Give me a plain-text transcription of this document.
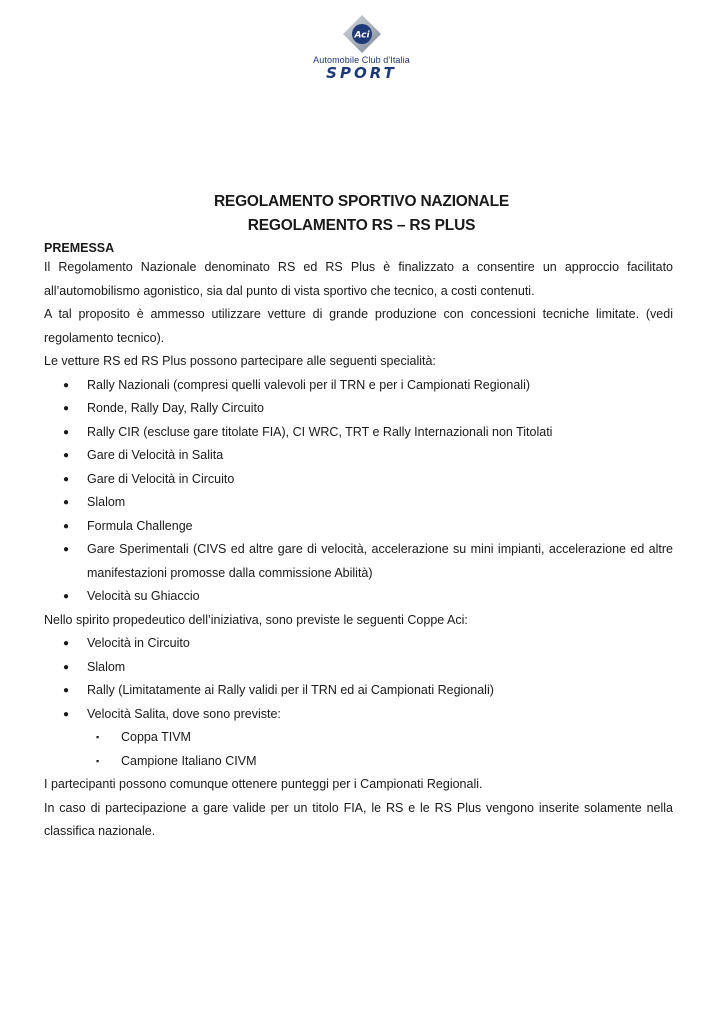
Aci
Automobile Club d'Italia
SPORT
REGOLAMENTO SPORTIVO NAZIONALE
REGOLAMENTO RS – RS PLUS
PREMESSA

Il Regolamento Nazionale denominato RS ed RS Plus è finalizzato a consentire un approccio facilitato all’automobilismo agonistico, sia dal punto di vista sportivo che tecnico, a costi contenuti.

A tal proposito è ammesso utilizzare vetture di grande produzione con concessioni tecniche limitate. (vedi regolamento tecnico).

Le vetture RS ed RS Plus possono partecipare alle seguenti specialità:

● Rally Nazionali (compresi quelli valevoli per il TRN e per i Campionati Regionali)
● Ronde, Rally Day, Rally Circuito
● Rally CIR (escluse gare titolate FIA), CI WRC, TRT e Rally Internazionali non Titolati
● Gare di Velocità in Salita
● Gare di Velocità in Circuito
● Slalom
● Formula Challenge
● Gare Sperimentali (CIVS ed altre gare di velocità, accelerazione su mini impianti, accelerazione ed altre manifestazioni promosse dalla commissione Abilità)
● Velocità su Ghiaccio

Nello spirito propedeutico dell’iniziativa, sono previste le seguenti Coppe Aci:

● Velocità in Circuito
● Slalom
● Rally (Limitatamente ai Rally validi per il TRN ed ai Campionati Regionali)
● Velocità Salita, dove sono previste:
▪ Coppa TIVM
▪ Campione Italiano CIVM

I partecipanti possono comunque ottenere punteggi per i Campionati Regionali.

In caso di partecipazione a gare valide per un titolo FIA, le RS e le RS Plus vengono inserite solamente nella classifica nazionale.
